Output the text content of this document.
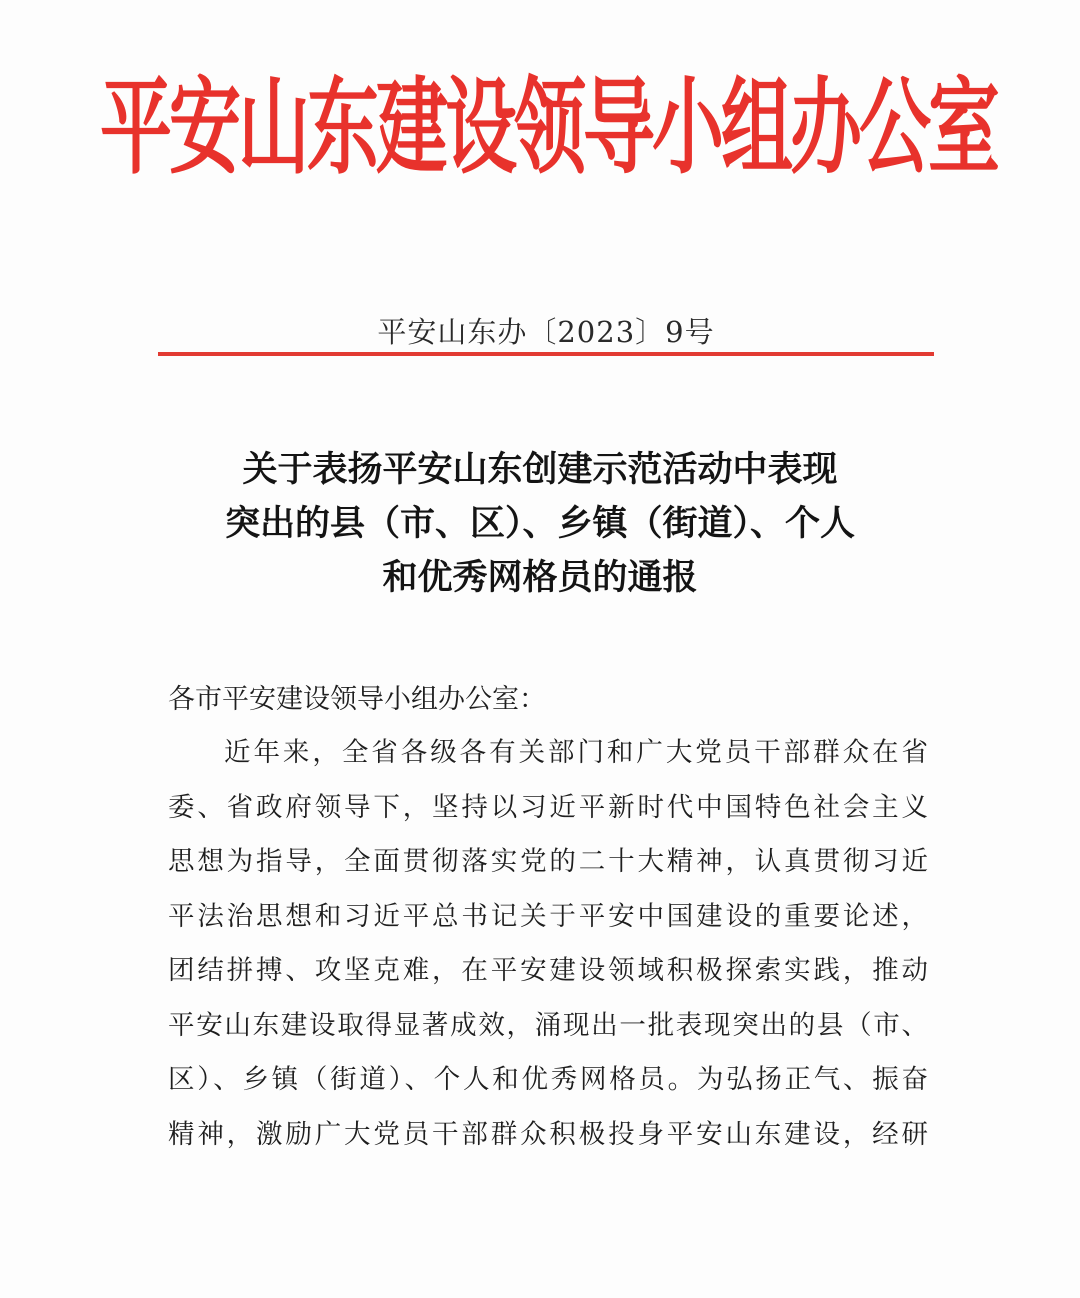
平安山东建设领导小组办公室
平安山东办〔2023〕9号
关于表扬平安山东创建示范活动中表现
突出的县（市、区）、乡镇（街道）、个人
和优秀网格员的通报
各市平安建设领导小组办公室：
近年来，全省各级各有关部门和广大党员干部群众在省
委、省政府领导下，坚持以习近平新时代中国特色社会主义
思想为指导，全面贯彻落实党的二十大精神，认真贯彻习近
平法治思想和习近平总书记关于平安中国建设的重要论述，
团结拼搏、攻坚克难，在平安建设领域积极探索实践，推动
平安山东建设取得显著成效，涌现出一批表现突出的县（市、
区）、乡镇（街道）、个人和优秀网格员。为弘扬正气、振奋
精神，激励广大党员干部群众积极投身平安山东建设，经研
